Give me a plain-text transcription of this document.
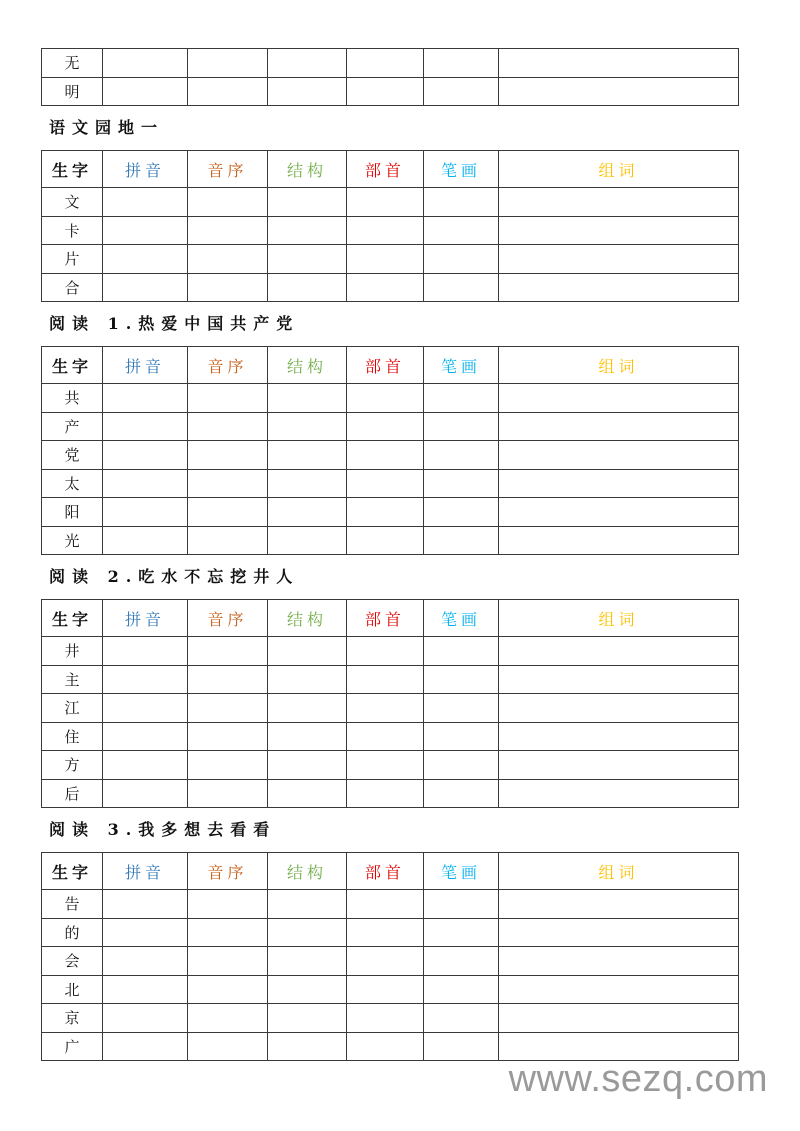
无						
明						
语文园地一
生字	拼音	音序	结构	部首	笔画	组词
文						
卡						
片						
合						
阅读 1.热爱中国共产党
生字	拼音	音序	结构	部首	笔画	组词
共						
产						
党						
太						
阳						
光						
阅读 2.吃水不忘挖井人
生字	拼音	音序	结构	部首	笔画	组词
井						
主						
江						
住						
方						
后						
阅读 3.我多想去看看
生字	拼音	音序	结构	部首	笔画	组词
告						
的						
会						
北						
京						
广						
www.sezq.com
